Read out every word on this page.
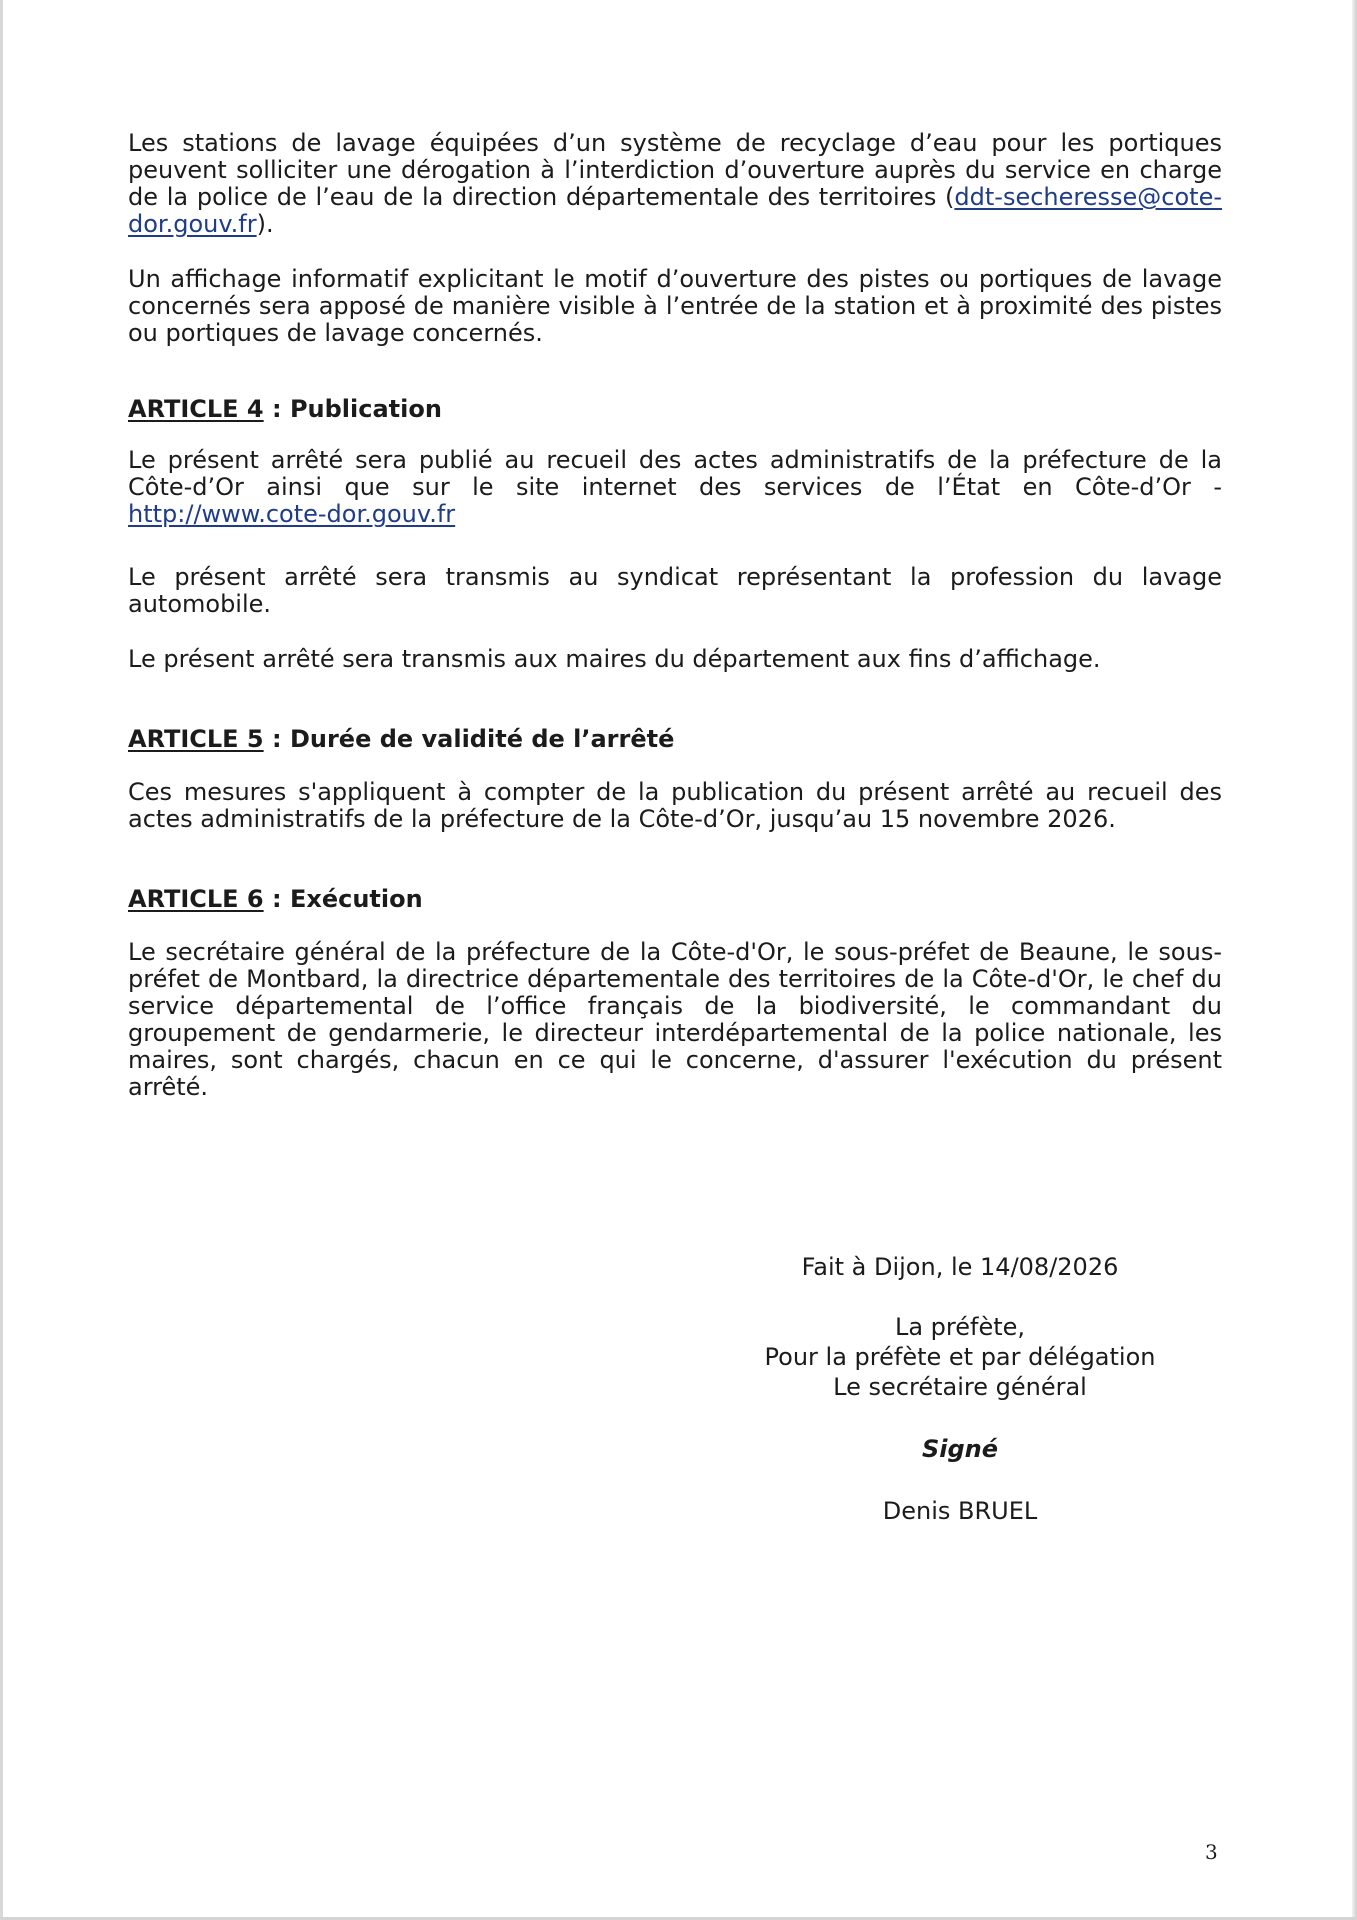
Les stations de lavage équipées d’un système de recyclage d’eau pour les portiques peuvent solliciter une dérogation à l’interdiction d’ouverture auprès du service en charge de la police de l’eau de la direction départementale des territoires (ddt-secheresse@cote-dor.gouv.fr).

Un affichage informatif explicitant le motif d’ouverture des pistes ou portiques de lavage concernés sera apposé de manière visible à l’entrée de la station et à proximité des pistes ou portiques de lavage concernés.

ARTICLE 4 : Publication

Le présent arrêté sera publié au recueil des actes administratifs de la préfecture de la Côte-d’Or ainsi que sur le site internet des services de l’État en Côte-d’Or - http://www.cote-dor.gouv.fr

Le présent arrêté sera transmis au syndicat représentant la profession du lavage automobile.

Le présent arrêté sera transmis aux maires du département aux fins d’affichage.

ARTICLE 5 : Durée de validité de l’arrêté

Ces mesures s'appliquent à compter de la publication du présent arrêté au recueil des actes administratifs de la préfecture de la Côte-d’Or, jusqu’au 15 novembre 2026.

ARTICLE 6 : Exécution

Le secrétaire général de la préfecture de la Côte-d'Or, le sous-préfet de Beaune, le sous-préfet de Montbard, la directrice départementale des territoires de la Côte-d'Or, le chef du service départemental de l’office français de la biodiversité, le commandant du groupement de gendarmerie, le directeur interdépartemental de la police nationale, les maires, sont chargés, chacun en ce qui le concerne, d'assurer l'exécution du présent arrêté.

Fait à Dijon, le 14/08/2026
La préfète,
Pour la préfète et par délégation
Le secrétaire général
Signé
Denis BRUEL
3
